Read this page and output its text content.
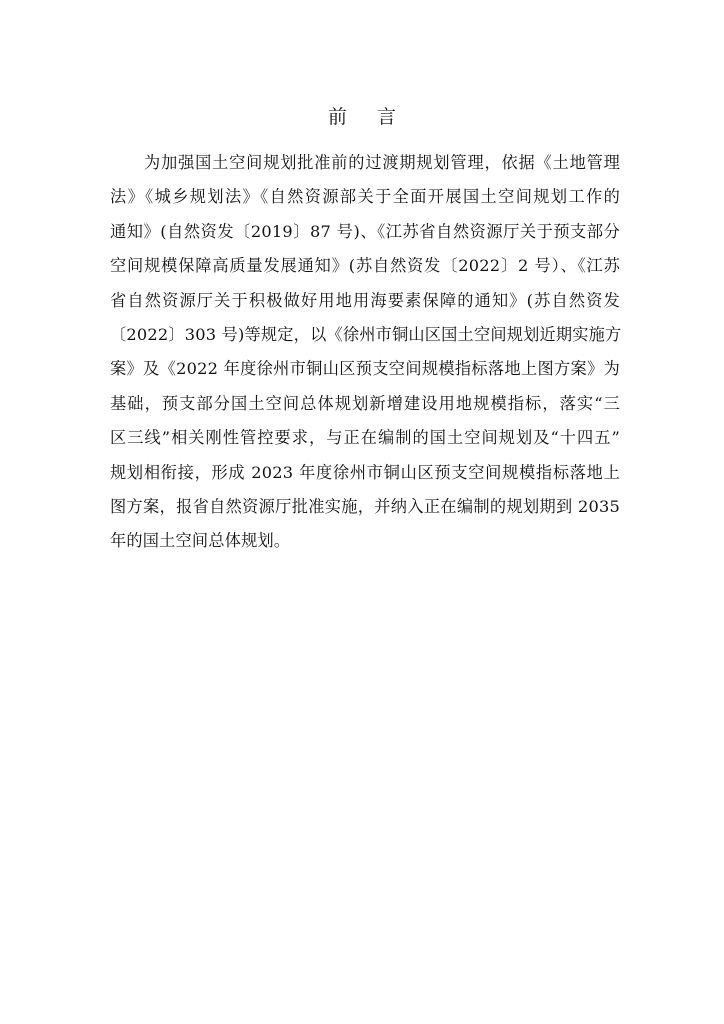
前 言
　　为加强国土空间规划批准前的过渡期规划管理，依据《土地管理
法》《城乡规划法》《自然资源部关于全面开展国土空间规划工作的
通知》(自然资发〔2019〕87 号)、《江苏省自然资源厅关于预支部分
空间规模保障高质量发展通知》(苏自然资发〔2022〕2 号）、《江苏
省自然资源厅关于积极做好用地用海要素保障的通知》(苏自然资发
〔2022〕303 号)等规定，以《徐州市铜山区国土空间规划近期实施方
案》及《2022 年度徐州市铜山区预支空间规模指标落地上图方案》为
基础，预支部分国土空间总体规划新增建设用地规模指标，落实“三
区三线”相关刚性管控要求，与正在编制的国土空间规划及“十四五”
规划相衔接，形成 2023 年度徐州市铜山区预支空间规模指标落地上
图方案，报省自然资源厅批准实施，并纳入正在编制的规划期到 2035
年的国土空间总体规划。
